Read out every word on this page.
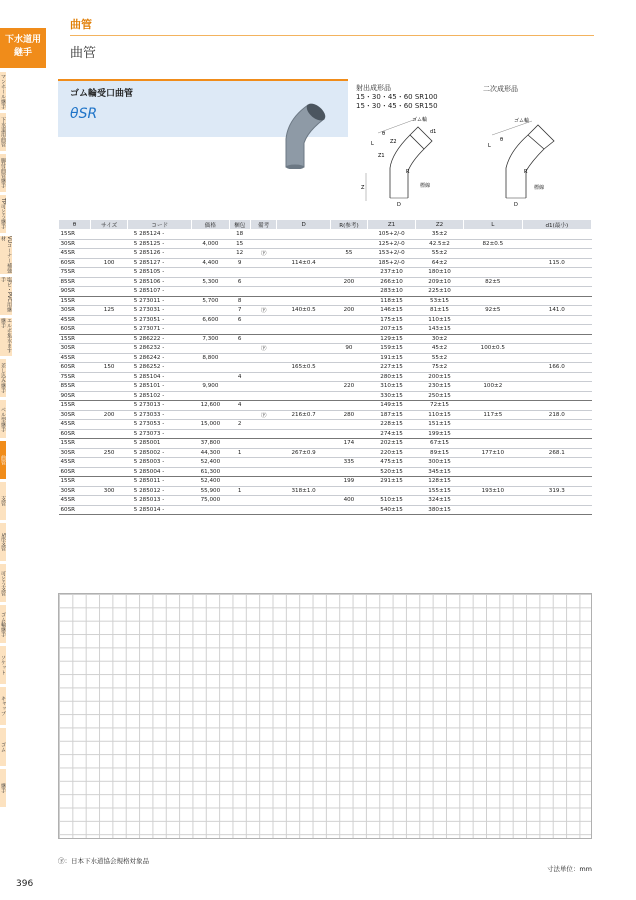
下水道用
継手
マンホール継手
下水道用曲管
脚付曲管継手
TP可とう継手
VUコーナー補強材
塩ビ・PVC用継手
エルボ集水ます継手
差し込み継手
ベル型継手
曲管
支管
S形支管
可とう支管
ゴム輪継手
ソケット
キャップ
ゴム
継手
曲管
曲管
ゴム輪受口曲管
θSR
射出成形品
15・30・45・60 SR100
15・30・45・60 SR150
二次成形品
ゴム輪
標線
D
R
Z
Z1
Z2
θ
L
d1
ゴム輪
標線
D
R
θ
L
θ	サイズ	コード	価格	梱包	備考	D	R(参考)	Z1	Z2	L	d1(最小)
15SR		5 285124 -		18				105+2/-0	35±2		
30SR		5 285125 -	4,000	15				125+2/-0	42.5±2	82±0.5	
45SR		5 285126 -		12	㊦		55	153+2/-0	55±2		
60SR	100	5 285127 -	4,400	9		114±0.4		185+2/-0	64±2		115.0
75SR		5 285105 -						237±10	180±10		
85SR		5 285106 -	5,300	6			200	266±10	209±10	82±5	
90SR		5 285107 -						283±10	225±10		
15SR		5 273011 -	5,700	8				118±15	53±15		
30SR	125	5 273031 -		7	㊦	140±0.5	200	146±15	81±15	92±5	141.0
45SR		5 273051 -	6,600	6				175±15	110±15		
60SR		5 273071 -						207±15	143±15		
15SR		5 286222 -	7,300	6				129±15	30±2		
30SR		5 286232 -			㊦		90	159±15	45±2	100±0.5	
45SR		5 286242 -	8,800					191±15	55±2		
60SR	150	5 286252 -				165±0.5		227±15	75±2		166.0
75SR		5 285104 -		4				280±15	200±15		
85SR		5 285101 -	9,900				220	310±15	230±15	100±2	
90SR		5 285102 -						330±15	250±15		
15SR		5 273013 -	12,600	4				149±15	72±15		
30SR	200	5 273033 -			㊦	216±0.7	280	187±15	110±15	117±5	218.0
45SR		5 273053 -	15,000	2				228±15	151±15		
60SR		5 273073 -						274±15	199±15		
15SR		5 285001	37,800				174	202±15	67±15		
30SR	250	5 285002 -	44,300	1		267±0.9		220±15	89±15	177±10	268.1
45SR		5 285003 -	52,400				335	475±15	300±15		
60SR		5 285004 -	61,300					520±15	345±15		
15SR		5 285011 -	52,400				199	291±15	128±15		
30SR	300	5 285012 -	55,900	1		318±1.0			155±15	193±10	319.3
45SR		5 285013 -	75,000				400	510±15	324±15		
60SR		5 285014 -						540±15	380±15		
㊦：日本下水道協会規格対象品
寸法単位：mm
396
